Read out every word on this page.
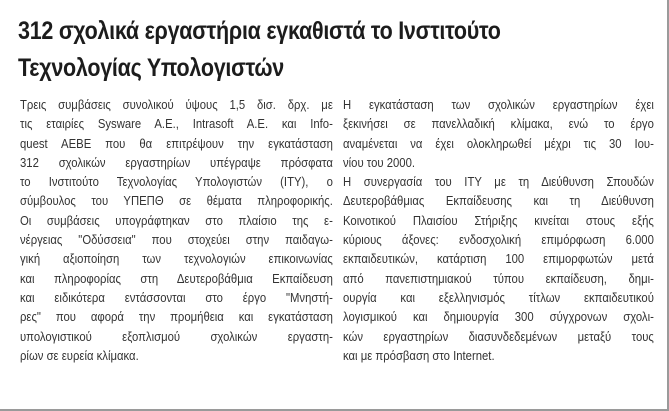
312 σχολικά εργαστήρια εγκαθιστά το Ινστιτούτο
Τεχνολογίας Υπολογιστών
Τρεις συμβάσεις συνολικού ύψους 1,5 δισ. δρχ. με
τις εταιρίες Sysware A.E., Intrasoft A.E. και Info-
quest AEBE που θα επιτρέψουν την εγκατάσταση
312 σχολικών εργαστηρίων υπέγραψε πρόσφατα
το Ινστιτούτο Τεχνολογίας Υπολογιστών (ΙΤΥ), ο
σύμβουλος του ΥΠΕΠΘ σε θέματα πληροφορικής.
Οι συμβάσεις υπογράφτηκαν στο πλαίσιο της ε-
νέργειας "Οδύσσεια" που στοχεύει στην παιδαγω-
γική αξιοποίηση των τεχνολογιών επικοινωνίας
και πληροφορίας στη Δευτεροβάθμια Εκπαίδευση
και ειδικότερα εντάσσονται στο έργο "Μνηστή-
ρες" που αφορά την προμήθεια και εγκατάσταση
υπολογιστικού εξοπλισμού σχολικών εργαστη-
ρίων σε ευρεία κλίμακα.
Η εγκατάσταση των σχολικών εργαστηρίων έχει
ξεκινήσει σε πανελλαδική κλίμακα, ενώ το έργο
αναμένεται να έχει ολοκληρωθεί μέχρι τις 30 Ιου-
νίου του 2000.
Η συνεργασία του ΙΤΥ με τη Διεύθυνση Σπουδών
Δευτεροβάθμιας Εκπαίδευσης και τη Διεύθυνση
Κοινοτικού Πλαισίου Στήριξης κινείται στους εξής
κύριους άξονες: ενδοσχολική επιμόρφωση 6.000
εκπαιδευτικών, κατάρτιση 100 επιμορφωτών μετά
από πανεπιστημιακού τύπου εκπαίδευση, δημι-
ουργία και εξελληνισμός τίτλων εκπαιδευτικού
λογισμικού και δημιουργία 300 σύγχρονων σχολι-
κών εργαστηρίων διασυνδεδεμένων μεταξύ τους
και με πρόσβαση στο Internet.
